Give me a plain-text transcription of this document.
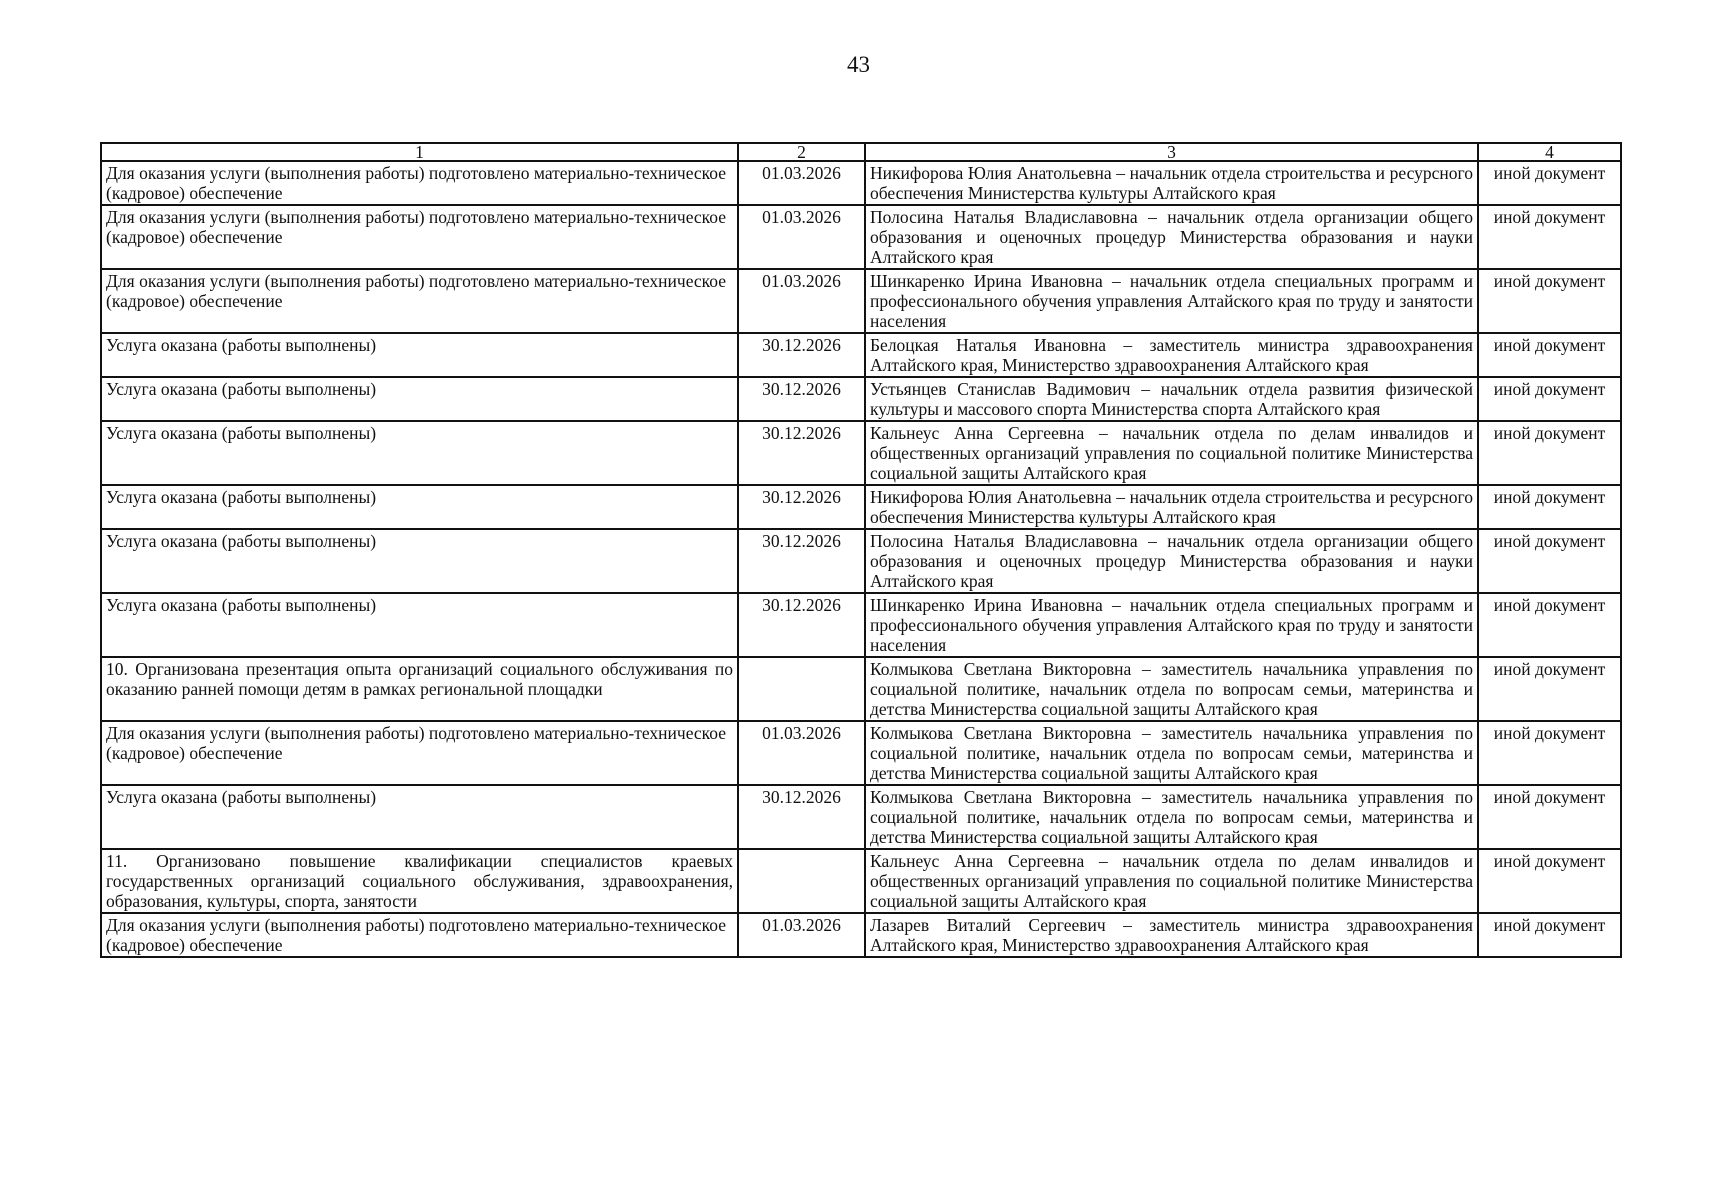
43
1	2	3	4
Для оказания услуги (выполнения работы) подготовлено материально-техническое (кадровое) обеспечение	01.03.2026	Никифорова Юлия Анатольевна – начальник отдела строительства и ресурсного обеспечения Министерства культуры Алтайского края	иной документ
Для оказания услуги (выполнения работы) подготовлено материально-техническое (кадровое) обеспечение	01.03.2026	Полосина Наталья Владиславовна – начальник отдела организации общего образования и оценочных процедур Министерства образования и науки Алтайского края	иной документ
Для оказания услуги (выполнения работы) подготовлено материально-техническое (кадровое) обеспечение	01.03.2026	Шинкаренко Ирина Ивановна – начальник отдела специальных программ и профессионального обучения управления Алтайского края по труду и занятости населения	иной документ
Услуга оказана (работы выполнены)	30.12.2026	Белоцкая Наталья Ивановна – заместитель министра здравоохранения Алтайского края, Министерство здравоохранения Алтайского края	иной документ
Услуга оказана (работы выполнены)	30.12.2026	Устьянцев Станислав Вадимович – начальник отдела развития физической культуры и массового спорта Министерства спорта Алтайского края	иной документ
Услуга оказана (работы выполнены)	30.12.2026	Кальнеус Анна Сергеевна – начальник отдела по делам инвалидов и общественных организаций управления по социальной политике Министерства социальной защиты Алтайского края	иной документ
Услуга оказана (работы выполнены)	30.12.2026	Никифорова Юлия Анатольевна – начальник отдела строительства и ресурсного обеспечения Министерства культуры Алтайского края	иной документ
Услуга оказана (работы выполнены)	30.12.2026	Полосина Наталья Владиславовна – начальник отдела организации общего образования и оценочных процедур Министерства образования и науки Алтайского края	иной документ
Услуга оказана (работы выполнены)	30.12.2026	Шинкаренко Ирина Ивановна – начальник отдела специальных программ и профессионального обучения управления Алтайского края по труду и занятости населения	иной документ
10. Организована презентация опыта организаций социального обслуживания по оказанию ранней помощи детям в рамках региональной площадки		Колмыкова Светлана Викторовна – заместитель начальника управления по социальной политике, начальник отдела по вопросам семьи, материнства и детства Министерства социальной защиты Алтайского края	иной документ
Для оказания услуги (выполнения работы) подготовлено материально-техническое (кадровое) обеспечение	01.03.2026	Колмыкова Светлана Викторовна – заместитель начальника управления по социальной политике, начальник отдела по вопросам семьи, материнства и детства Министерства социальной защиты Алтайского края	иной документ
Услуга оказана (работы выполнены)	30.12.2026	Колмыкова Светлана Викторовна – заместитель начальника управления по социальной политике, начальник отдела по вопросам семьи, материнства и детства Министерства социальной защиты Алтайского края	иной документ
11. Организовано повышение квалификации специалистов краевых государственных организаций социального обслуживания, здравоохранения, образования, культуры, спорта, занятости		Кальнеус Анна Сергеевна – начальник отдела по делам инвалидов и общественных организаций управления по социальной политике Министерства социальной защиты Алтайского края	иной документ
Для оказания услуги (выполнения работы) подготовлено материально-техническое (кадровое) обеспечение	01.03.2026	Лазарев Виталий Сергеевич – заместитель министра здравоохранения Алтайского края, Министерство здравоохранения Алтайского края	иной документ
